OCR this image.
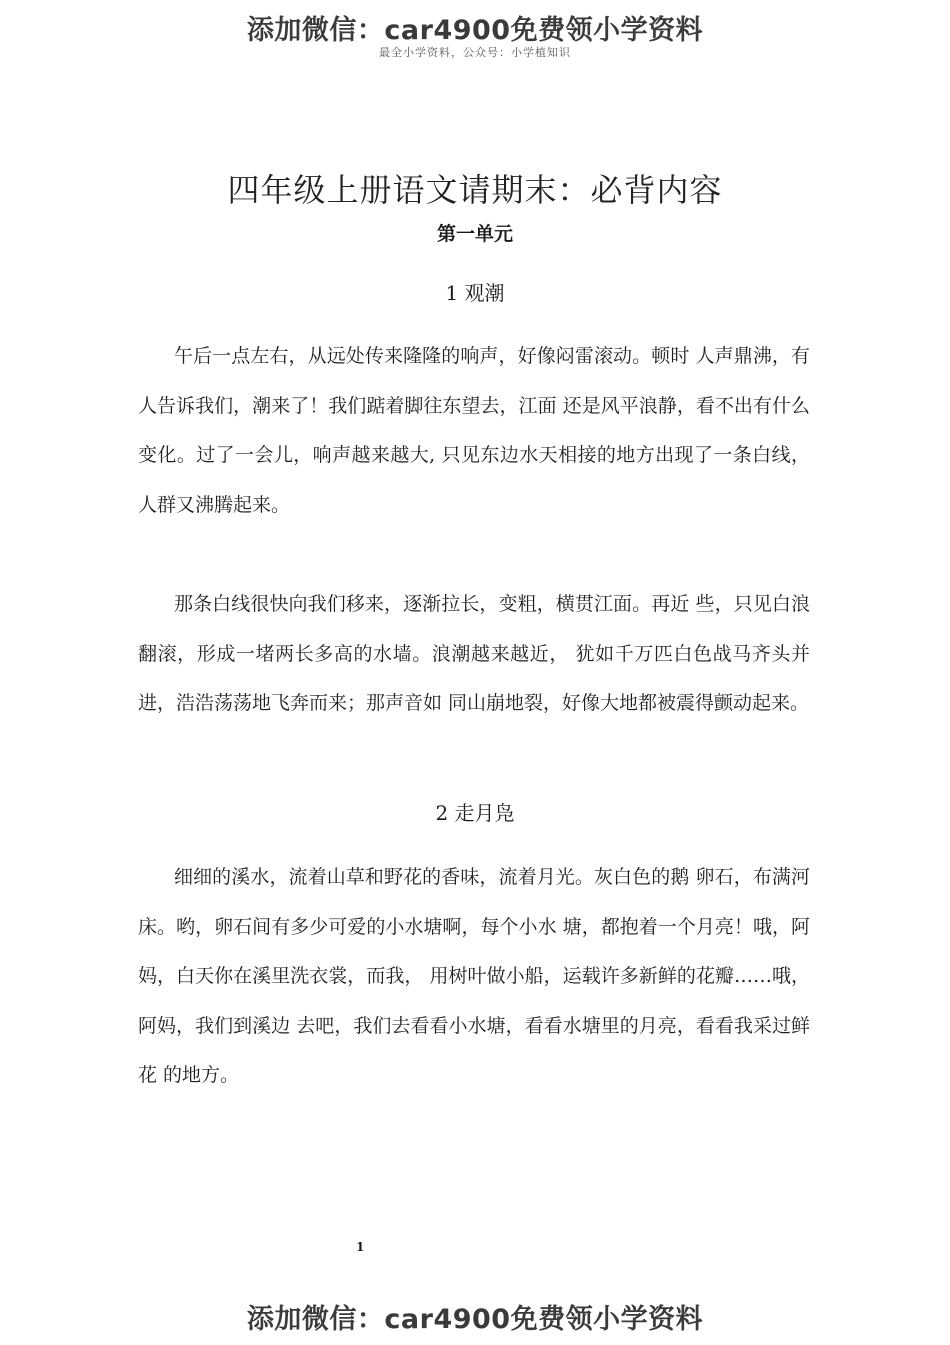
添加微信：car4900免费领小学资料
最全小学资料，公众号：小学植知识
四年级上册语文请期末：必背内容
第一单元
1 观潮

午后一点左右，从远处传来隆隆的响声，好像闷雷滚动。顿时 人声鼎沸，有人告诉我们，潮来了！我们踮着脚往东望去，江面 还是风平浪静，看不出有什么变化。过了一会儿，响声越来越大, 只见东边水天相接的地方出现了一条白线，人群又沸腾起来。

那条白线很快向我们移来，逐渐拉长，变粗，横贯江面。再近 些，只见白浪翻滚，形成一堵两长多高的水墙。浪潮越来越近， 犹如千万匹白色战马齐头并进，浩浩荡荡地飞奔而来；那声音如 同山崩地裂，好像大地都被震得颤动起来。

2 走月凫

细细的溪水，流着山草和野花的香味，流着月光。灰白色的鹅 卵石，布满河床。哟，卵石间有多少可爱的小水塘啊，每个小水 塘，都抱着一个月亮！哦，阿妈，白天你在溪里洗衣裳，而我， 用树叶做小船，运载许多新鲜的花瓣……哦，阿妈，我们到溪边 去吧，我们去看看小水塘，看看水塘里的月亮，看看我采过鲜花 的地方。

1
添加微信：car4900免费领小学资料
